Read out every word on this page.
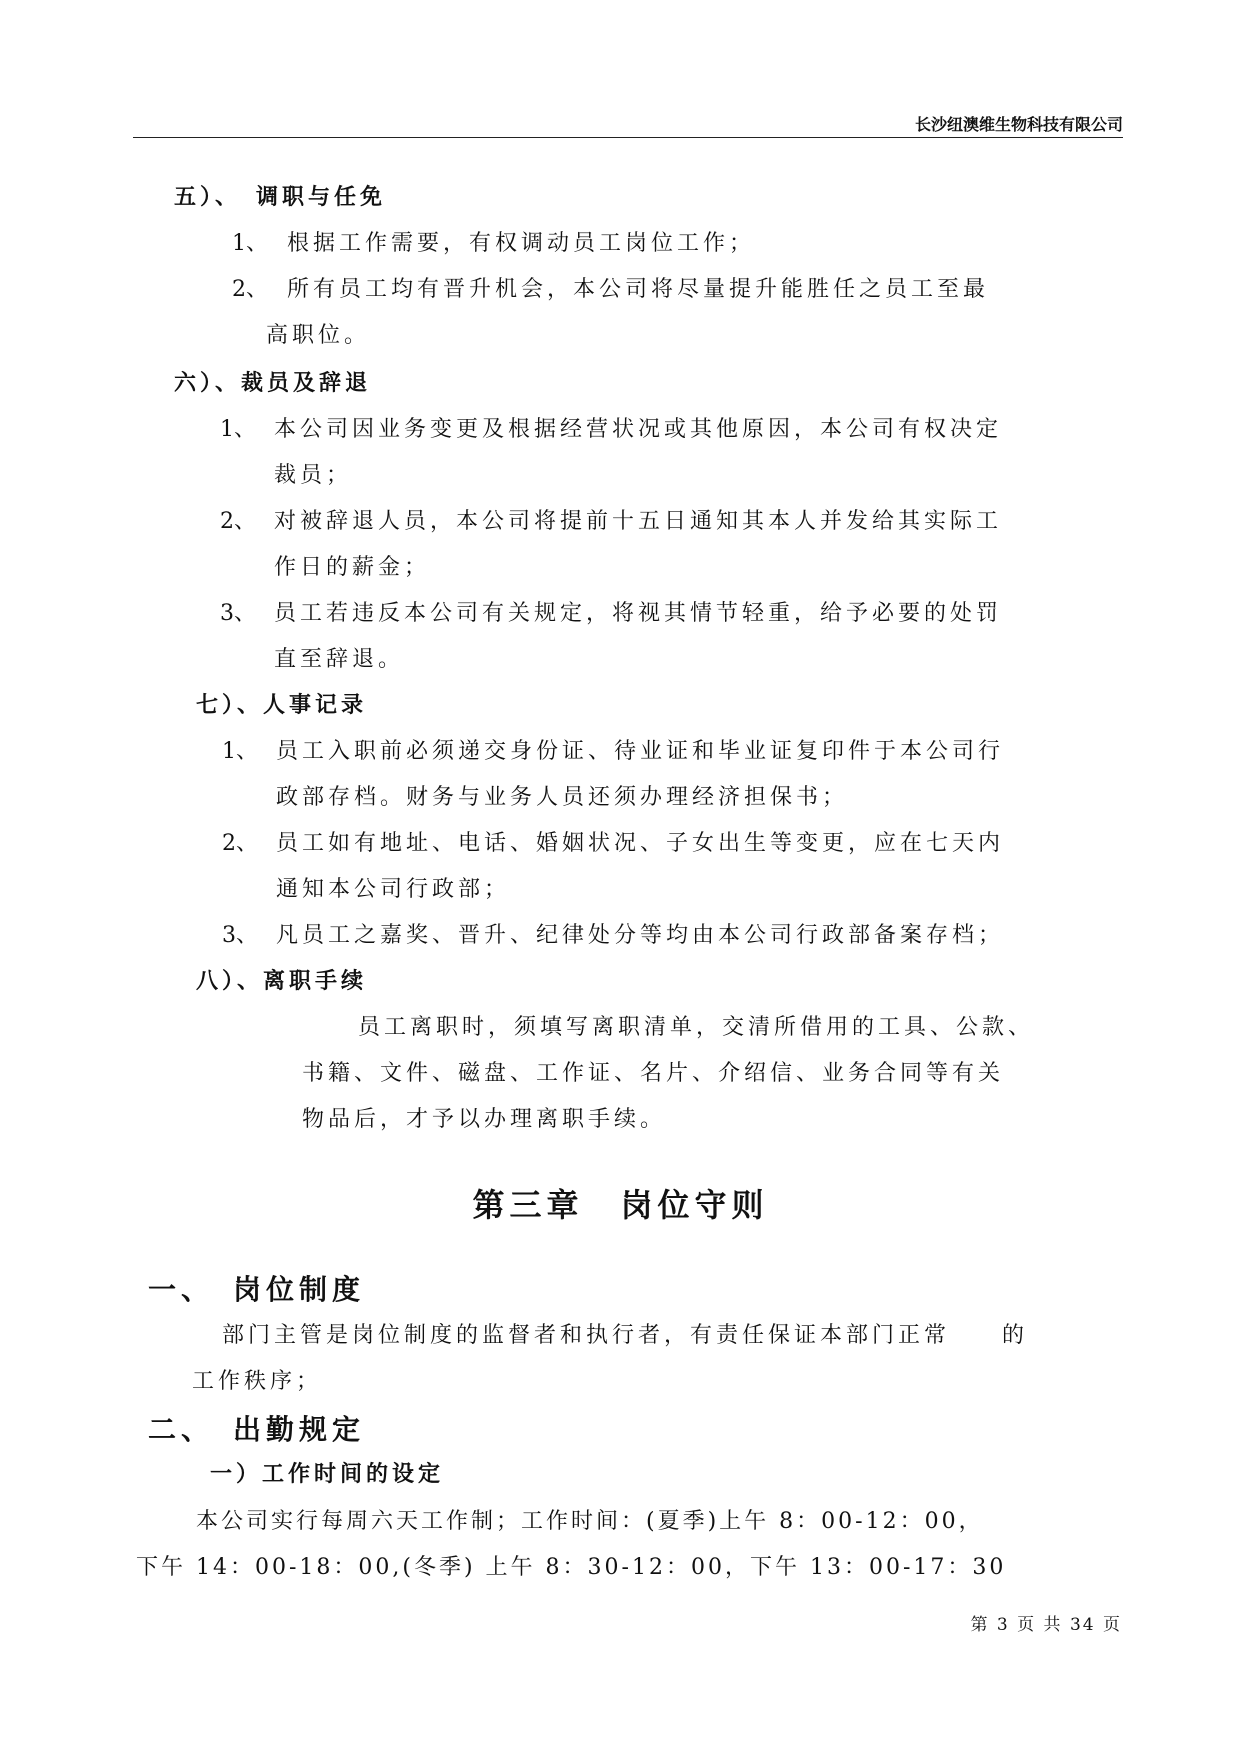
长沙纽澳维生物科技有限公司
五）、　调职与任免
1、 根据工作需要，有权调动员工岗位工作；
2、 所有员工均有晋升机会，本公司将尽量提升能胜任之员工至最
高职位。
六）、裁员及辞退
1、 本公司因业务变更及根据经营状况或其他原因，本公司有权决定
裁员；
2、 对被辞退人员，本公司将提前十五日通知其本人并发给其实际工
作日的薪金；
3、 员工若违反本公司有关规定，将视其情节轻重，给予必要的处罚
直至辞退。
七）、人事记录
1、 员工入职前必须递交身份证、待业证和毕业证复印件于本公司行
政部存档。财务与业务人员还须办理经济担保书；
2、 员工如有地址、电话、婚姻状况、子女出生等变更，应在七天内
通知本公司行政部；
3、 凡员工之嘉奖、晋升、纪律处分等均由本公司行政部备案存档；
八）、离职手续
员工离职时，须填写离职清单，交清所借用的工具、公款、
书籍、文件、磁盘、工作证、名片、介绍信、业务合同等有关
物品后，才予以办理离职手续。
第三章　岗位守则
一、　岗位制度
部门主管是岗位制度的监督者和执行者，有责任保证本部门正常　　的
工作秩序；
二、　出勤规定
一）工作时间的设定
本公司实行每周六天工作制；工作时间：(夏季)上午 8：00-12：00，
下午 14：00-18：00,(冬季) 上午 8：30-12：00，下午 13：00-17：30
第 3 页 共 34 页
